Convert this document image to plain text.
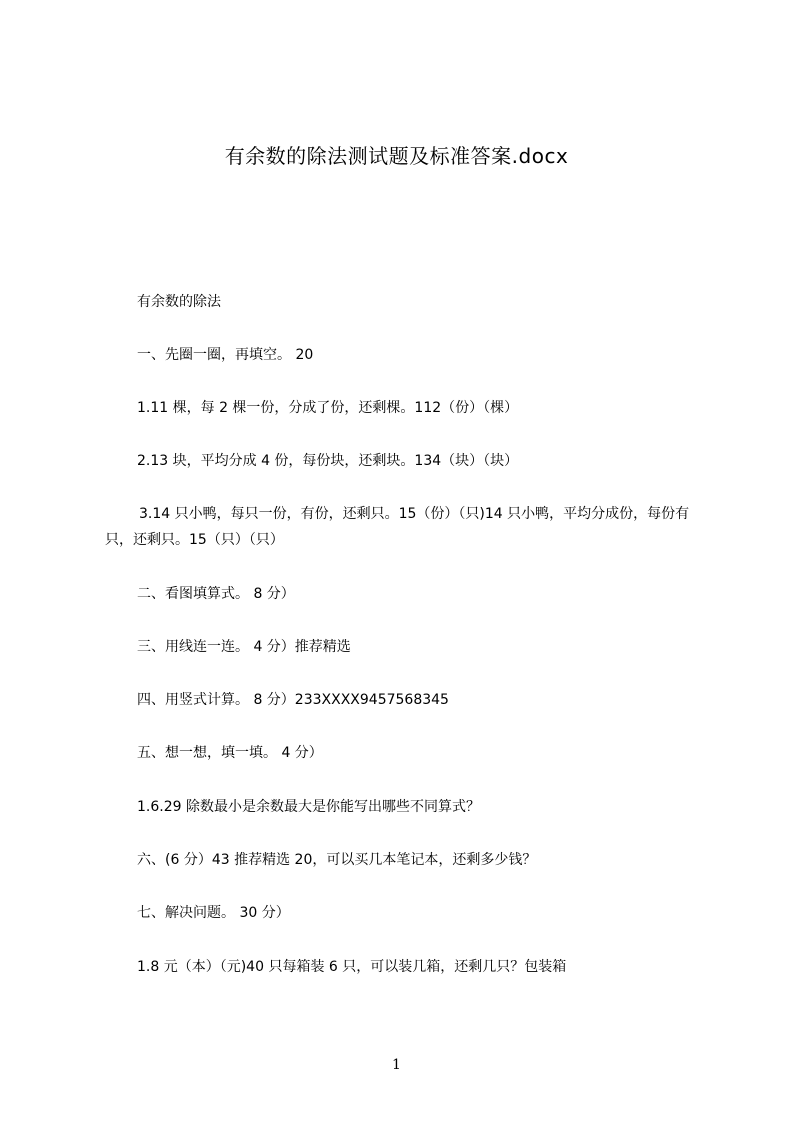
有余数的除法测试题及标准答案.docx
有余数的除法
一、先圈一圈，再填空。 20
1.11 棵，每 2 棵一份，分成了份，还剩棵。112（份）（棵）
2.13 块，平均分成 4 份，每份块，还剩块。134（块）（块）
3.14 只小鸭，每只一份，有份，还剩只。15（份）（只)14 只小鸭，平均分成份，每份有只，还剩只。15（只）（只）
二、看图填算式。 8 分）
三、用线连一连。 4 分）推荐精选
四、用竖式计算。 8 分）233XXXX9457568345
五、想一想，填一填。 4 分）
1.6.29 除数最小是余数最大是你能写出哪些不同算式？
六、(6 分）43 推荐精选 20，可以买几本笔记本，还剩多少钱？
七、解决问题。 30 分）
1.8 元（本）（元)40 只每箱装 6 只，可以装几箱，还剩几只？包装箱
1
